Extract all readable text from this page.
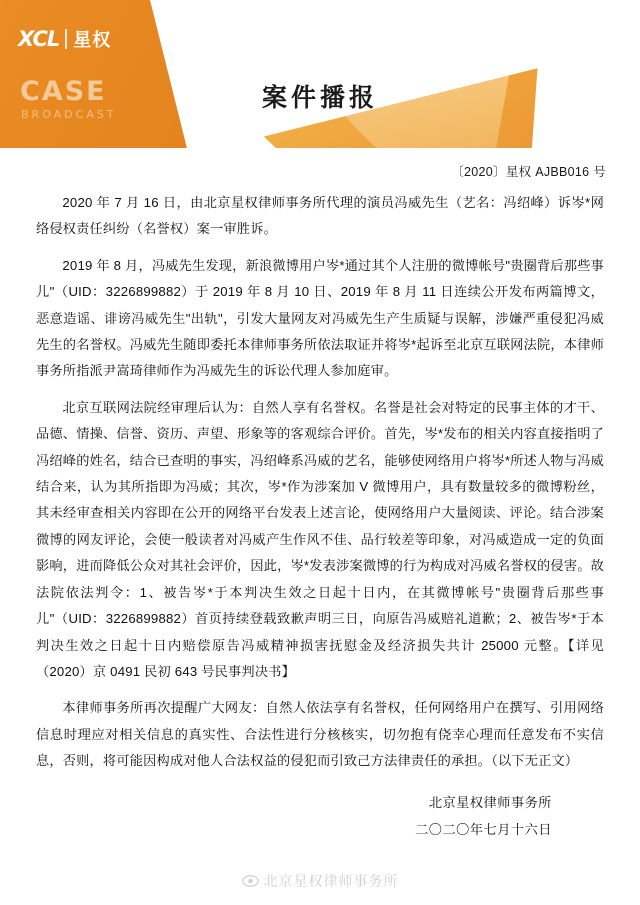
XCL 星权
CASE
BROADCAST
案件播报
〔2020〕星权 AJBB016 号

2020 年 7 月 16 日，由北京星权律师事务所代理的演员冯威先生（艺名：冯绍峰）诉岑*网络侵权责任纠纷（名誉权）案一审胜诉。

2019 年 8 月，冯威先生发现，新浪微博用户岑*通过其个人注册的微博帐号"贵圈背后那些事儿"（UID：3226899882）于 2019 年 8 月 10 日、2019 年 8 月 11 日连续公开发布两篇博文，恶意造谣、诽谤冯威先生"出轨"，引发大量网友对冯威先生产生质疑与误解，涉嫌严重侵犯冯威先生的名誉权。冯威先生随即委托本律师事务所依法取证并将岑*起诉至北京互联网法院，本律师事务所指派尹嵩琦律师作为冯威先生的诉讼代理人参加庭审。

北京互联网法院经审理后认为：自然人享有名誉权。名誉是社会对特定的民事主体的才干、品德、情操、信誉、资历、声望、形象等的客观综合评价。首先，岑*发布的相关内容直接指明了冯绍峰的姓名，结合已查明的事实，冯绍峰系冯威的艺名，能够使网络用户将岑*所述人物与冯威结合来，认为其所指即为冯威；其次，岑*作为涉案加 V 微博用户，具有数量较多的微博粉丝，其未经审查相关内容即在公开的网络平台发表上述言论，使网络用户大量阅读、评论。结合涉案微博的网友评论，会使一般读者对冯威产生作风不佳、品行较差等印象，对冯威造成一定的负面影响，进而降低公众对其社会评价，因此，岑*发表涉案微博的行为构成对冯威名誉权的侵害。故法院依法判令：1、被告岑*于本判决生效之日起十日内，在其微博帐号"贵圈背后那些事儿"（UID：3226899882）首页持续登载致歉声明三日，向原告冯威赔礼道歉；2、被告岑*于本判决生效之日起十日内赔偿原告冯威精神损害抚慰金及经济损失共计 25000 元整。【详见（2020）京 0491 民初 643 号民事判决书】

本律师事务所再次提醒广大网友：自然人依法享有名誉权，任何网络用户在撰写、引用网络信息时理应对相关信息的真实性、合法性进行分核核实，切勿抱有侥幸心理而任意发布不实信息，否则，将可能因构成对他人合法权益的侵犯而引致己方法律责任的承担。（以下无正文）

北京星权律师事务所
二〇二〇年七月十六日
北京星权律师事务所
